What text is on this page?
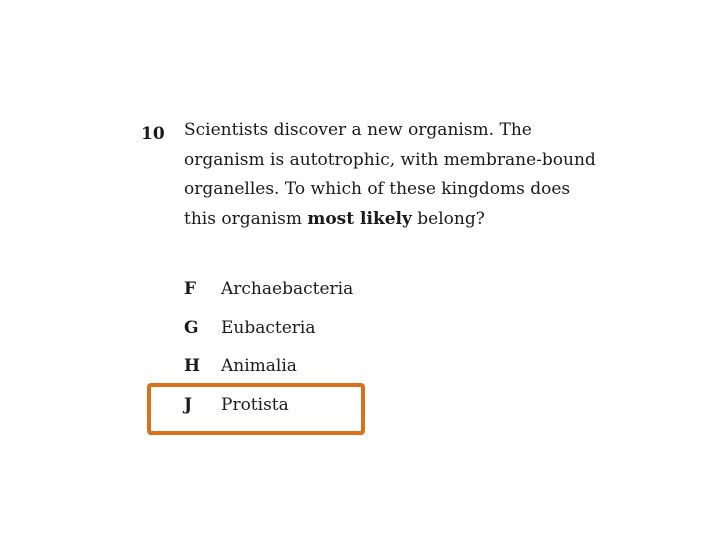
10 Scientists discover a new organism. The organism is autotrophic, with membrane-bound organelles. To which of these kingdoms does this organism most likely belong?

F Archaebacteria
G Eubacteria
H Animalia
J Protista
